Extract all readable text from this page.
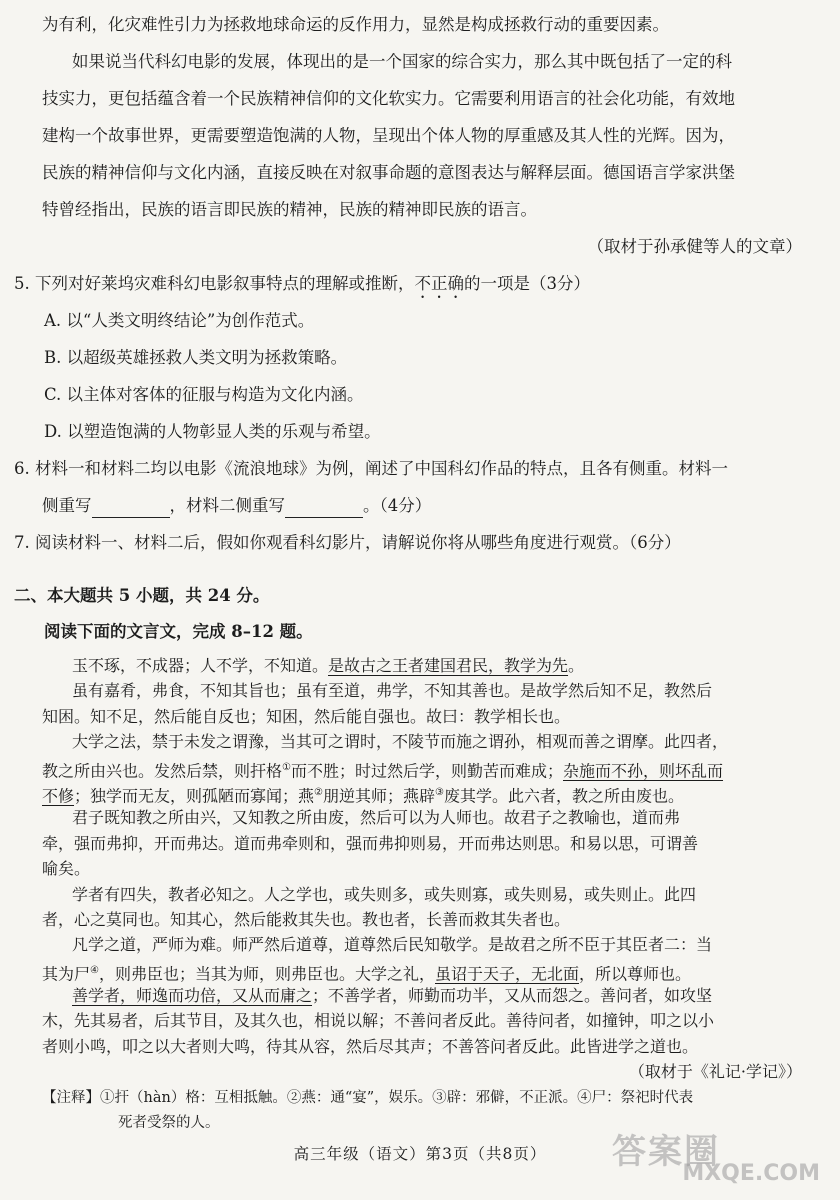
为有利，化灾难性引力为拯救地球命运的反作用力，显然是构成拯救行动的重要因素。
如果说当代科幻电影的发展，体现出的是一个国家的综合实力，那么其中既包括了一定的科
技实力，更包括蕴含着一个民族精神信仰的文化软实力。它需要利用语言的社会化功能，有效地
建构一个故事世界，更需要塑造饱满的人物，呈现出个体人物的厚重感及其人性的光辉。因为，
民族的精神信仰与文化内涵，直接反映在对叙事命题的意图表达与解释层面。德国语言学家洪堡
特曾经指出，民族的语言即民族的精神，民族的精神即民族的语言。
（取材于孙承健等人的文章）
5. 下列对好莱坞灾难科幻电影叙事特点的理解或推断，不正确的一项是（3分）
A. 以“人类文明终结论”为创作范式。
B. 以超级英雄拯救人类文明为拯救策略。
C. 以主体对客体的征服与构造为文化内涵。
D. 以塑造饱满的人物彰显人类的乐观与希望。
6. 材料一和材料二均以电影《流浪地球》为例，阐述了中国科幻作品的特点，且各有侧重。材料一
侧重写	，材料二侧重写	。（4分）
7. 阅读材料一、材料二后，假如你观看科幻影片，请解说你将从哪些角度进行观赏。（6分）
二、本大题共 5 小题，共 24 分。
阅读下面的文言文，完成 8–12 题。
玉不琢，不成器；人不学，不知道。是故古之王者建国君民，教学为先。
虽有嘉肴，弗食，不知其旨也；虽有至道，弗学，不知其善也。是故学然后知不足，教然后
知困。知不足，然后能自反也；知困，然后能自强也。故曰：教学相长也。
大学之法，禁于未发之谓豫，当其可之谓时，不陵节而施之谓孙，相观而善之谓摩。此四者，
教之所由兴也。发然后禁，则扞格①而不胜；时过然后学，则勤苦而难成；杂施而不孙，则坏乱而
不修；独学而无友，则孤陋而寡闻；燕②朋逆其师；燕辟③废其学。此六者，教之所由废也。
君子既知教之所由兴，又知教之所由废，然后可以为人师也。故君子之教喻也，道而弗
牵，强而弗抑，开而弗达。道而弗牵则和，强而弗抑则易，开而弗达则思。和易以思，可谓善
喻矣。
学者有四失，教者必知之。人之学也，或失则多，或失则寡，或失则易，或失则止。此四
者，心之莫同也。知其心，然后能救其失也。教也者，长善而救其失者也。
凡学之道，严师为难。师严然后道尊，道尊然后民知敬学。是故君之所不臣于其臣者二：当
其为尸④，则弗臣也；当其为师，则弗臣也。大学之礼，虽诏于天子，无北面，所以尊师也。
善学者，师逸而功倍，又从而庸之；不善学者，师勤而功半，又从而怨之。善问者，如攻坚
木，先其易者，后其节目，及其久也，相说以解；不善问者反此。善待问者，如撞钟，叩之以小
者则小鸣，叩之以大者则大鸣，待其从容，然后尽其声；不善答问者反此。此皆进学之道也。
（取材于《礼记·学记》）
【注释】①扞（hàn）格：互相抵触。②燕：通“宴”，娱乐。③辟：邪僻，不正派。④尸：祭祀时代表
死者受祭的人。
高三年级（语文）第3页（共8页）	答案圈
MXQE.COM
